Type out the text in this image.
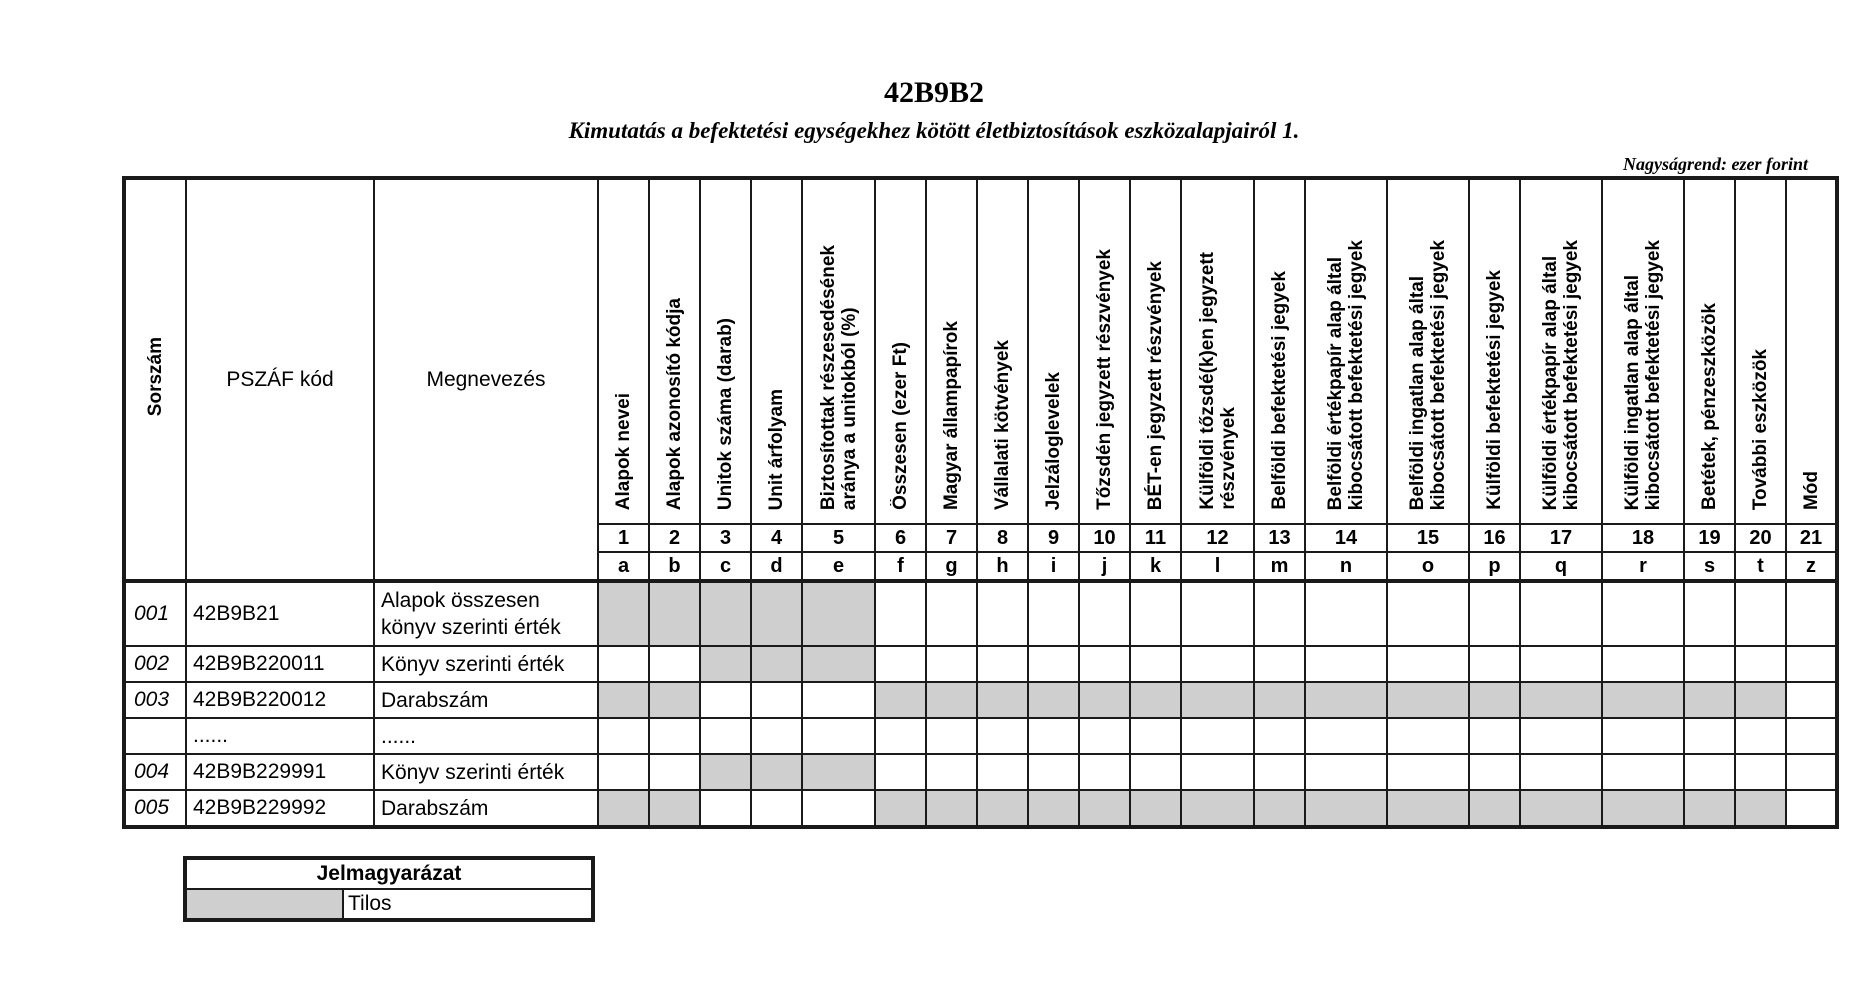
42B9B2
Kimutatás a befektetési egységekhez kötött életbiztosítások eszközalapjairól 1.
Nagyságrend: ezer forint
Sorszám	PSZÁF kód	Megnevezés	Alapok nevei	Alapok azonosító kódja	Unitok száma (darab)	Unit árfolyam	Biztosítottak részesedésének
aránya a unitokból (%)	Összesen (ezer Ft)	Magyar állampapírok	Vállalati kötvények	Jelzáloglevelek	Tőzsdén jegyzett részvények	BÉT-en jegyzett részvények	Külföldi tőzsdé(k)en jegyzett
részvények	Belföldi befektetési jegyek	Belföldi értékpapír alap által
kibocsátott befektetési jegyek	Belföldi ingatlan alap által
kibocsátott befektetési jegyek	Külföldi befektetési jegyek	Külföldi értékpapír alap által
kibocsátott befektetési jegyek	Külföldi ingatlan alap által
kibocsátott befektetési jegyek	Betétek, pénzeszközök	További eszközök	Mód
			1	2	3	4	5	6	7	8	9	10	11	12	13	14	15	16	17	18	19	20	21
			a	b	c	d	e	f	g	h	i	j	k	l	m	n	o	p	q	r	s	t	z
001	42B9B21	Alapok összesen
könyv szerinti érték																					
002	42B9B220011	Könyv szerinti érték																					
003	42B9B220012	Darabszám																					
	......	......																					
004	42B9B229991	Könyv szerinti érték																					
005	42B9B229992	Darabszám																					
Jelmagyarázat
	Tilos
